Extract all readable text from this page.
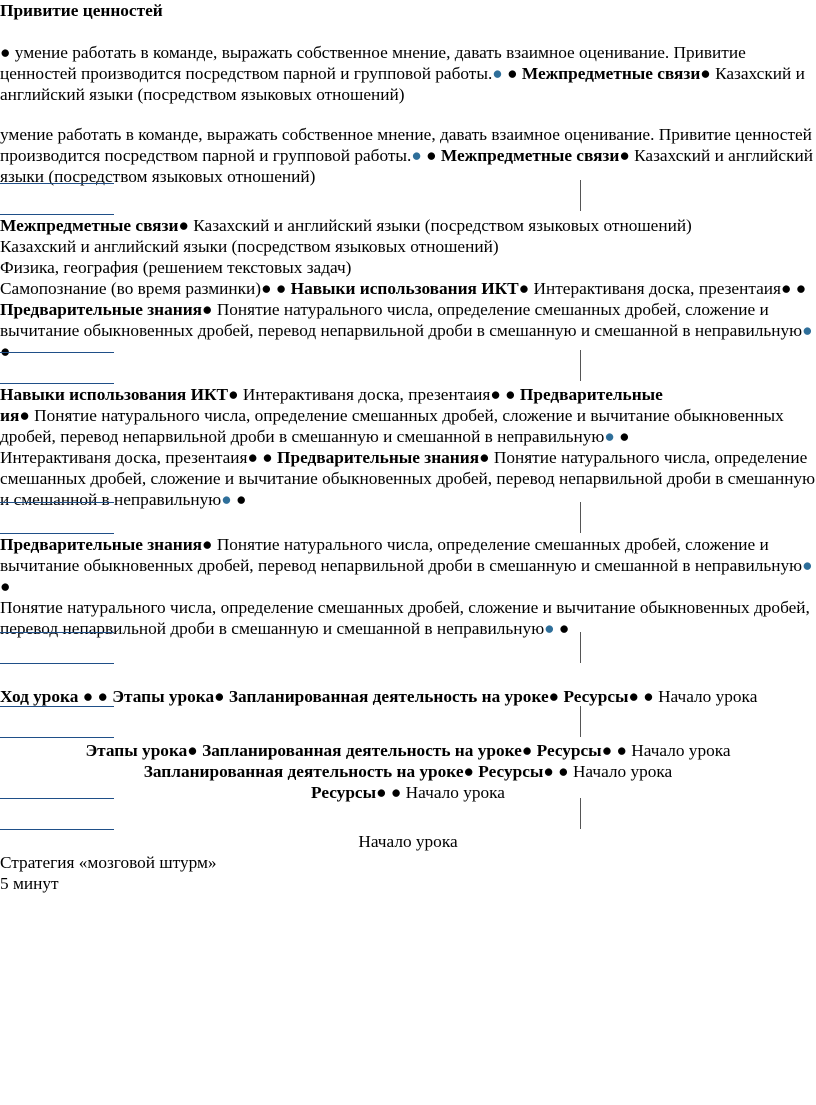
Привитие ценностей

● умение работать в команде, выражать собственное мнение, давать взаимное оценивание. Привитие ценностей производится посредством парной и групповой работы.● ● Межпредметные связи● Казахский и английский языки (посредством языковых отношений)

умение работать в команде, выражать собственное мнение, давать взаимное оценивание. Привитие ценностей производится посредством парной и групповой работы.● ● Межпредметные связи● Казахский и английский языки (посредством языковых отношений)

Межпредметные связи● Казахский и английский языки (посредством языковых отношений)

Казахский и английский языки (посредством языковых отношений)

Физика, география (решением текстовых задач)

Самопознание (во время разминки)● ● Навыки использования ИКТ● Интерактиваня доска, презентаия● ● Предварительные знания● Понятие натурального числа, определение смешанных дробей, сложение и вычитание обыкновенных дробей, перевод непарвильной дроби в смешанную и смешанной в неправильную● ●

Навыки использования ИКТ● Интерактиваня доска, презентаия● ● Предварительные

ия● Понятие натурального числа, определение смешанных дробей, сложение и вычитание обыкновенных дробей, перевод непарвильной дроби в смешанную и смешанной в неправильную● ●

Интерактиваня доска, презентаия● ● Предварительные знания● Понятие натурального числа, определение смешанных дробей, сложение и вычитание обыкновенных дробей, перевод непарвильной дроби в смешанную и смешанной в неправильную● ●

Предварительные знания● Понятие натурального числа, определение смешанных дробей, сложение и вычитание обыкновенных дробей, перевод непарвильной дроби в смешанную и смешанной в неправильную● ●

Понятие натурального числа, определение смешанных дробей, сложение и вычитание обыкновенных дробей, перевод непарвильной дроби в смешанную и смешанной в неправильную● ●

Ход урока ● ● Этапы урока● Запланированная деятельность на уроке● Ресурсы● ● Начало урока

Этапы урока● Запланированная деятельность на уроке● Ресурсы● ● Начало урока

Запланированная деятельность на уроке● Ресурсы● ● Начало урока

Ресурсы● ● Начало урока

Начало урока

Стратегия «мозговой штурм»

5 минут
